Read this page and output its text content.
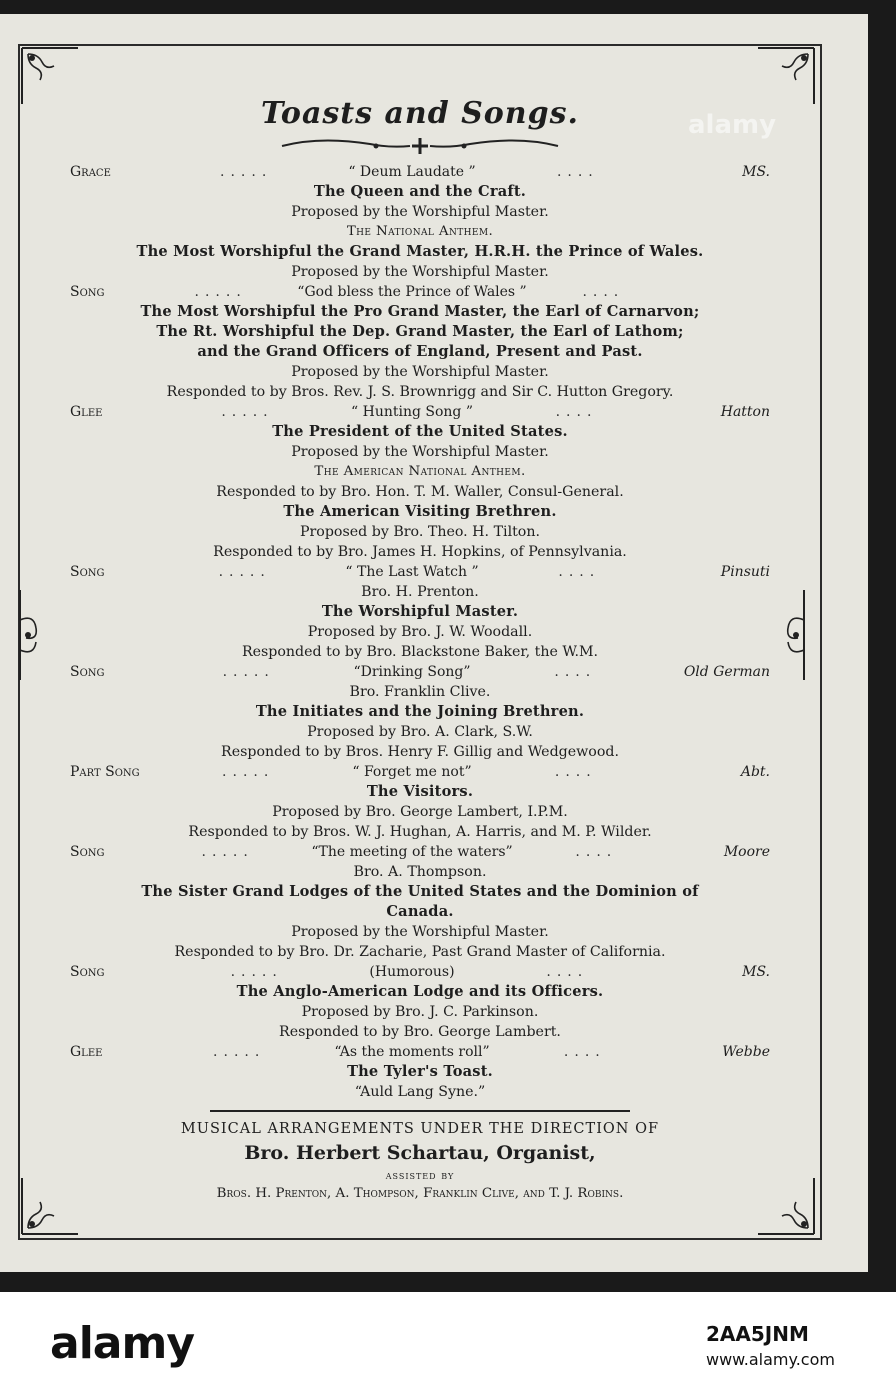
Toasts and Songs.
Grace	.....	“ Deum Laudate ”	....	MS.
The Queen and the Craft.
Proposed by the Worshipful Master.
The National Anthem.
The Most Worshipful the Grand Master, H.R.H. the Prince of Wales.
Proposed by the Worshipful Master.
Song	.....	“God bless the Prince of Wales ”	....
The Most Worshipful the Pro Grand Master, the Earl of Carnarvon;
The Rt. Worshipful the Dep. Grand Master, the Earl of Lathom;
and the Grand Officers of England, Present and Past.
Proposed by the Worshipful Master.
Responded to by Bros. Rev. J. S. Brownrigg and Sir C. Hutton Gregory.
Glee	.....	“ Hunting Song ”	....	Hatton
The President of the United States.
Proposed by the Worshipful Master.
The American National Anthem.
Responded to by Bro. Hon. T. M. Waller, Consul-General.
The American Visiting Brethren.
Proposed by Bro. Theo. H. Tilton.
Responded to by Bro. James H. Hopkins, of Pennsylvania.
Song	.....	“ The Last Watch ”	....	Pinsuti
Bro. H. Prenton.
The Worshipful Master.
Proposed by Bro. J. W. Woodall.
Responded to by Bro. Blackstone Baker, the W.M.
Song	.....	“Drinking Song”	....	Old German
Bro. Franklin Clive.
The Initiates and the Joining Brethren.
Proposed by Bro. A. Clark, S.W.
Responded to by Bros. Henry F. Gillig and Wedgewood.
Part Song	.....	“ Forget me not”	....	Abt.
The Visitors.
Proposed by Bro. George Lambert, I.P.M.
Responded to by Bros. W. J. Hughan, A. Harris, and M. P. Wilder.
Song	.....	“The meeting of the waters”	....	Moore
Bro. A. Thompson.
The Sister Grand Lodges of the United States and the Dominion of
Canada.
Proposed by the Worshipful Master.
Responded to by Bro. Dr. Zacharie, Past Grand Master of California.
Song	.....	(Humorous)	....	MS.
The Anglo-American Lodge and its Officers.
Proposed by Bro. J. C. Parkinson.
Responded to by Bro. George Lambert.
Glee	.....	“As the moments roll”	....	Webbe
The Tyler's Toast.
“Auld Lang Syne.”
MUSICAL ARRANGEMENTS UNDER THE DIRECTION OF
Bro. Herbert Schartau, Organist,
assisted by
Bros. H. Prenton, A. Thompson, Franklin Clive, and T. J. Robins.
alamy
alamy	2AA5JNM
www.alamy.com
